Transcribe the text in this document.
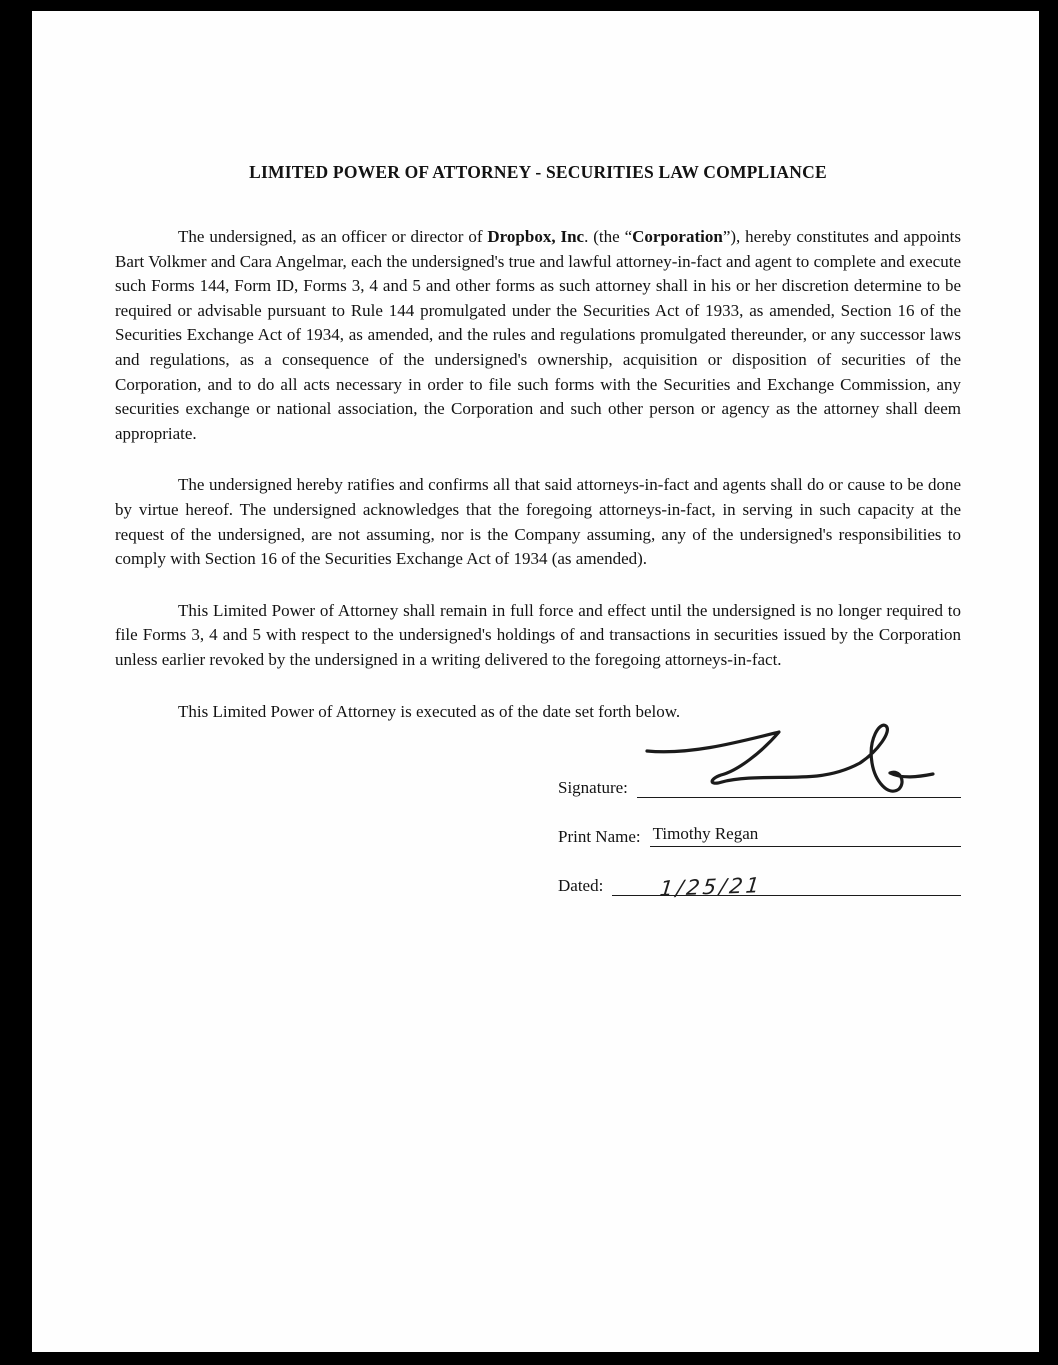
LIMITED POWER OF ATTORNEY - SECURITIES LAW COMPLIANCE

The undersigned, as an officer or director of Dropbox, Inc. (the “Corporation”), hereby constitutes and appoints Bart Volkmer and Cara Angelmar, each the undersigned's true and lawful attorney-in-fact and agent to complete and execute such Forms 144, Form ID, Forms 3, 4 and 5 and other forms as such attorney shall in his or her discretion determine to be required or advisable pursuant to Rule 144 promulgated under the Securities Act of 1933, as amended, Section 16 of the Securities Exchange Act of 1934, as amended, and the rules and regulations promulgated thereunder, or any successor laws and regulations, as a consequence of the undersigned's ownership, acquisition or disposition of securities of the Corporation, and to do all acts necessary in order to file such forms with the Securities and Exchange Commission, any securities exchange or national association, the Corporation and such other person or agency as the attorney shall deem appropriate.

The undersigned hereby ratifies and confirms all that said attorneys-in-fact and agents shall do or cause to be done by virtue hereof. The undersigned acknowledges that the foregoing attorneys-in-fact, in serving in such capacity at the request of the undersigned, are not assuming, nor is the Company assuming, any of the undersigned's responsibilities to comply with Section 16 of the Securities Exchange Act of 1934 (as amended).

This Limited Power of Attorney shall remain in full force and effect until the undersigned is no longer required to file Forms 3, 4 and 5 with respect to the undersigned's holdings of and transactions in securities issued by the Corporation unless earlier revoked by the undersigned in a writing delivered to the foregoing attorneys-in-fact.

This Limited Power of Attorney is executed as of the date set forth below.

Signature:
Print Name: Timothy Regan
Dated:	1/25/21
